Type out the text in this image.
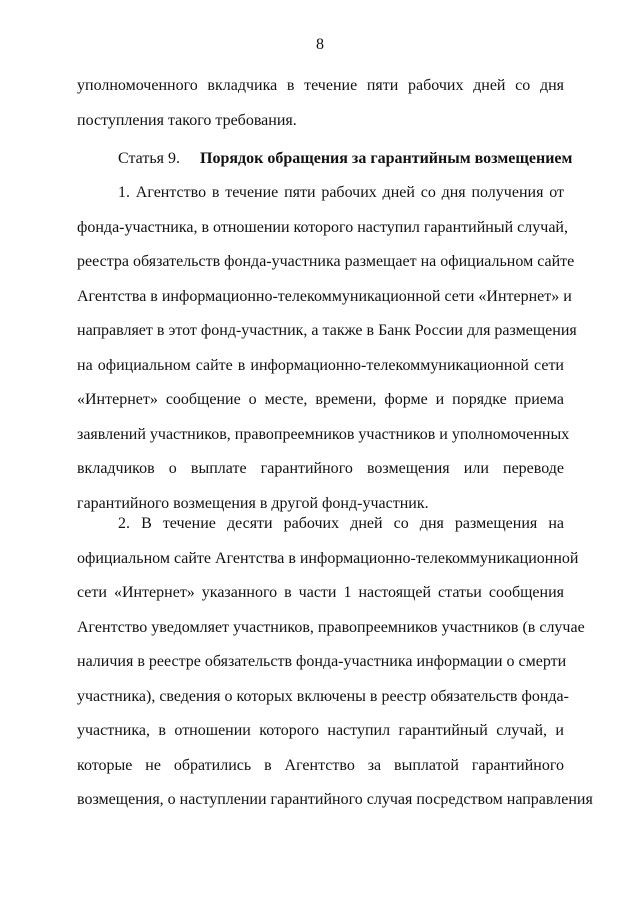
8
уполномоченного вкладчика в течение пяти рабочих дней со дня
поступления такого требования.
Статья 9. Порядок обращения за гарантийным возмещением
1. Агентство в течение пяти рабочих дней со дня получения от
фонда-участника, в отношении которого наступил гарантийный случай,
реестра обязательств фонда-участника размещает на официальном сайте
Агентства в информационно-телекоммуникационной сети «Интернет» и
направляет в этот фонд-участник, а также в Банк России для размещения
на официальном сайте в информационно-телекоммуникационной сети
«Интернет» сообщение о месте, времени, форме и порядке приема
заявлений участников, правопреемников участников и уполномоченных
вкладчиков о выплате гарантийного возмещения или переводе
гарантийного возмещения в другой фонд-участник.
2. В течение десяти рабочих дней со дня размещения на
официальном сайте Агентства в информационно-телекоммуникационной
сети «Интернет» указанного в части 1 настоящей статьи сообщения
Агентство уведомляет участников, правопреемников участников (в случае
наличия в реестре обязательств фонда-участника информации о смерти
участника), сведения о которых включены в реестр обязательств фонда-
участника, в отношении которого наступил гарантийный случай, и
которые не обратились в Агентство за выплатой гарантийного
возмещения, о наступлении гарантийного случая посредством направления
